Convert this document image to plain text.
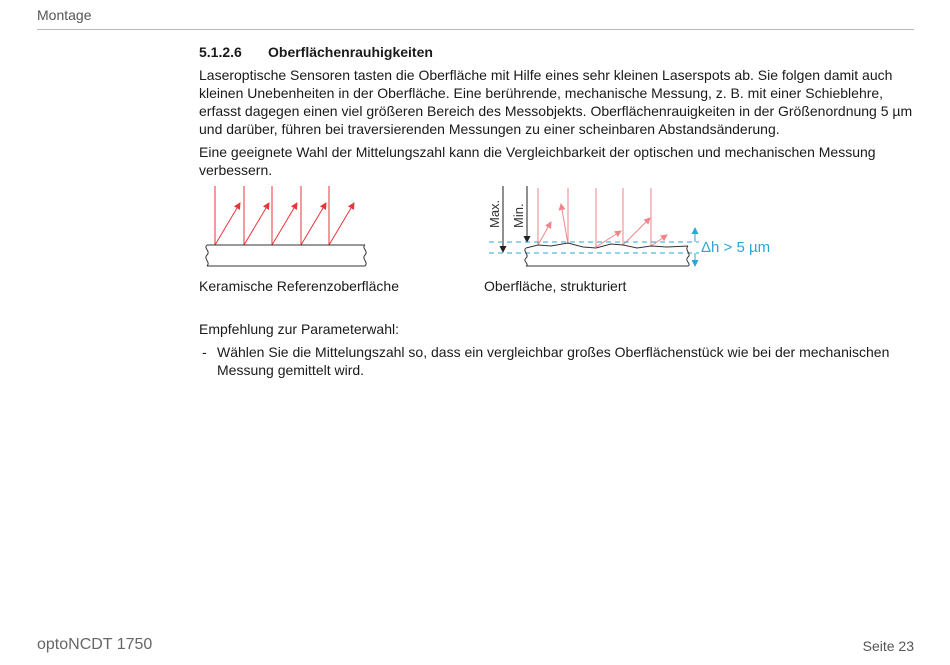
Montage
5.1.2.6 Oberflächenrauhigkeiten

Laseroptische Sensoren tasten die Oberfläche mit Hilfe eines sehr kleinen Laserspots ab. Sie folgen damit auch kleinen Unebenheiten in der Oberfläche. Eine berührende, mechanische Messung, z. B. mit einer Schieblehre, erfasst dagegen einen viel größeren Bereich des Messobjekts. Oberflächenrauigkeiten in der Größenordnung 5 µm und darüber, führen bei traversierenden Messungen zu einer scheinbaren Abstandsänderung.

Eine geeignete Wahl der Mittelungszahl kann die Vergleichbarkeit der optischen und mechanischen Messung verbessern.

Keramische Referenzoberfläche
Max. Min.
Δh > 5 µm
Oberfläche, strukturiert

Empfehlung zur Parameterwahl:

- Wählen Sie die Mittelungszahl so, dass ein vergleichbar großes Oberflächenstück wie bei der mechanischen Messung gemittelt wird.
optoNCDT 1750	Seite 23
